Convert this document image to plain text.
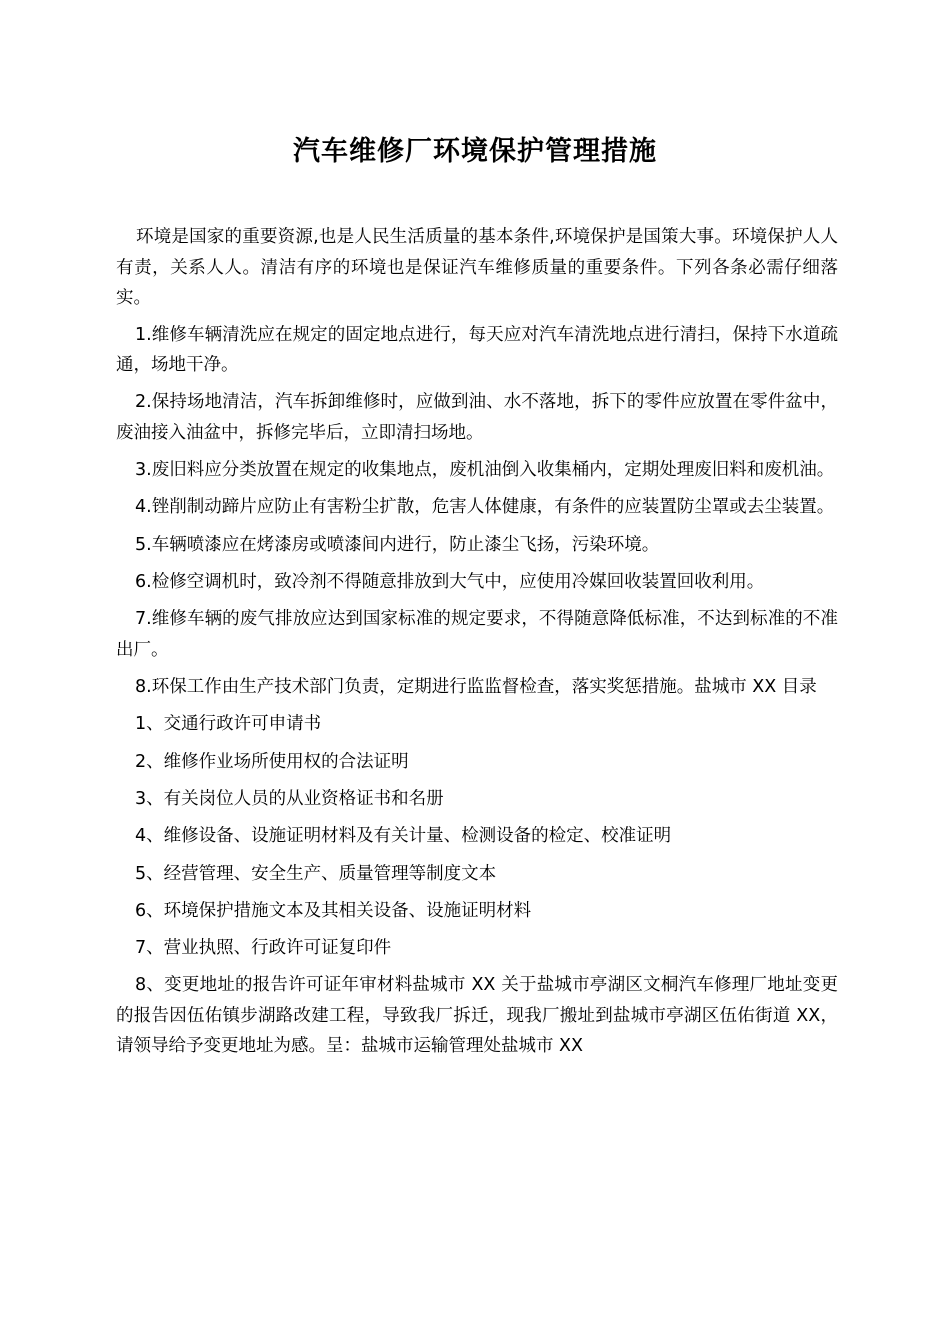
汽车维修厂环境保护管理措施

环境是国家的重要资源,也是人民生活质量的基本条件,环境保护是国策大事。环境保护人人有责，关系人人。清洁有序的环境也是保证汽车维修质量的重要条件。下列各条必需仔细落实。

1.维修车辆清洗应在规定的固定地点进行，每天应对汽车清洗地点进行清扫，保持下水道疏通，场地干净。

2.保持场地清洁，汽车拆卸维修时，应做到油、水不落地，拆下的零件应放置在零件盆中，废油接入油盆中，拆修完毕后，立即清扫场地。

3.废旧料应分类放置在规定的收集地点，废机油倒入收集桶内，定期处理废旧料和废机油。

4.锉削制动蹄片应防止有害粉尘扩散，危害人体健康，有条件的应装置防尘罩或去尘装置。

5.车辆喷漆应在烤漆房或喷漆间内进行，防止漆尘飞扬，污染环境。

6.检修空调机时，致冷剂不得随意排放到大气中，应使用冷媒回收装置回收利用。

7.维修车辆的废气排放应达到国家标准的规定要求，不得随意降低标准，不达到标准的不准出厂。

8.环保工作由生产技术部门负责，定期进行监监督检查，落实奖惩措施。盐城市 XX 目录

1、交通行政许可申请书

2、维修作业场所使用权的合法证明

3、有关岗位人员的从业资格证书和名册

4、维修设备、设施证明材料及有关计量、检测设备的检定、校准证明

5、经营管理、安全生产、质量管理等制度文本

6、环境保护措施文本及其相关设备、设施证明材料

7、营业执照、行政许可证复印件

8、变更地址的报告许可证年审材料盐城市 XX 关于盐城市亭湖区文桐汽车修理厂地址变更的报告因伍佑镇步湖路改建工程，导致我厂拆迁，现我厂搬址到盐城市亭湖区伍佑街道 XX，请领导给予变更地址为感。呈：盐城市运输管理处盐城市 XX
